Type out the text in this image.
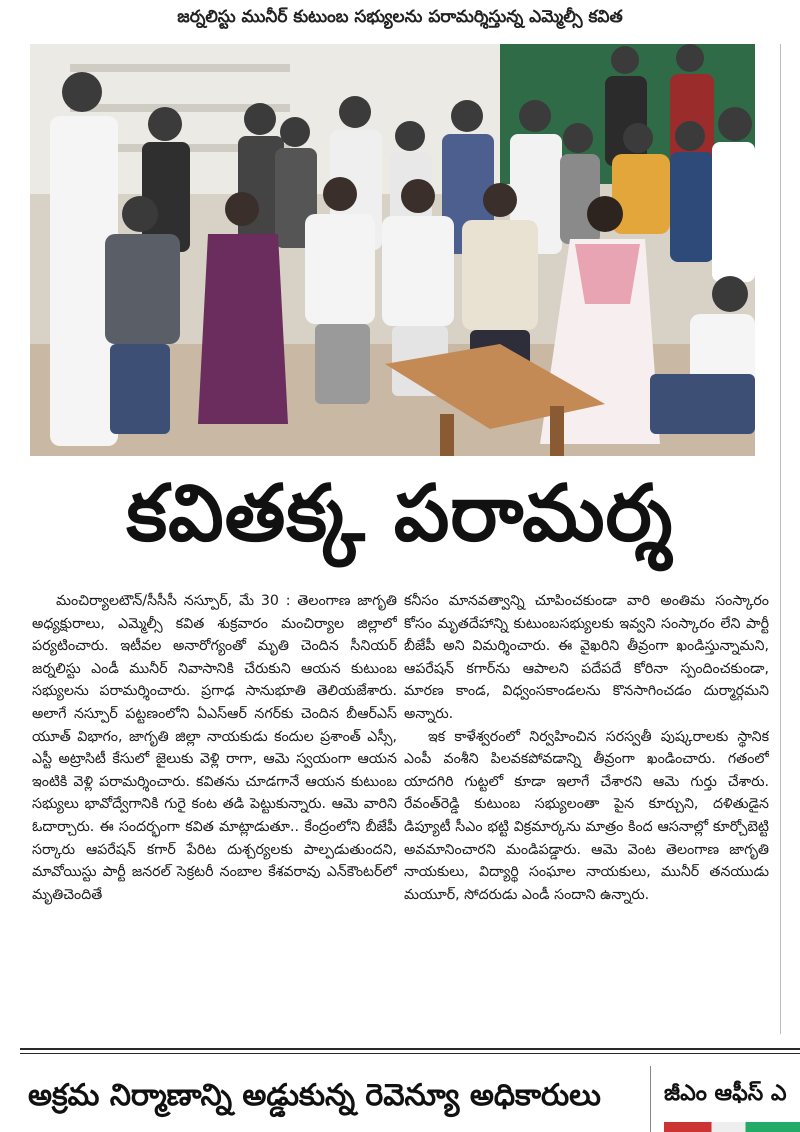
జర్నలిస్టు మునీర్ కుటుంబ సభ్యులను పరామర్శిస్తున్న ఎమ్మెల్సీ కవిత
కవితక్క పరామర్శ

మంచిర్యాలటౌన్/సీసీసీ నస్పూర్, మే 30 : తెలంగాణ జాగృతి అధ్యక్షురాలు, ఎమ్మెల్సీ కవిత శుక్రవారం మంచిర్యాల జిల్లాలో పర్యటించారు. ఇటీవల అనారోగ్యంతో మృతి చెందిన సీనియర్ జర్నలిస్టు ఎండీ మునీర్ నివాసానికి చేరుకుని ఆయన కుటుంబ సభ్యులను పరామర్శించారు. ప్రగాఢ సానుభూతి తెలియజేశారు. అలాగే నస్పూర్ పట్టణంలోని ఏఎస్ఆర్ నగర్‌కు చెందిన బీఆర్ఎస్ యూత్ విభాగం, జాగృతి జిల్లా నాయకుడు కందుల ప్రశాంత్ ఎస్సీ, ఎస్టీ అట్రాసిటీ కేసులో జైలుకు వెళ్లి రాగా, ఆమె స్వయంగా ఆయన ఇంటికి వెళ్లి పరామర్శించారు. కవితను చూడగానే ఆయన కుటుంబ సభ్యులు భావోద్వేగానికి గురై కంట తడి పెట్టుకున్నారు. ఆమె వారిని ఓదార్చారు. ఈ సందర్భంగా కవిత మాట్లాడుతూ.. కేంద్రంలోని బీజేపీ సర్కారు ఆపరేషన్ కగార్ పేరిట దుశ్చర్యలకు పాల్పడుతుందని, మావోయిస్టు పార్టీ జనరల్ సెక్రటరీ నంబాల కేశవరావు ఎన్‌కౌంటర్‌లో మృతిచెందితే

కనీసం మానవత్వాన్ని చూపించకుండా వారి అంతిమ సంస్కారం కోసం మృతదేహాన్ని కుటుంబసభ్యులకు ఇవ్వని సంస్కారం లేని పార్టీ బీజేపీ అని విమర్శించారు. ఈ వైఖరిని తీవ్రంగా ఖండిస్తున్నామని, ఆపరేషన్ కగార్‌ను ఆపాలని పదేపదే కోరినా స్పందించకుండా, మారణ కాండ, విధ్వంసకాండలను కొనసాగించడం దుర్మార్గమని అన్నారు.

ఇక కాళేశ్వరంలో నిర్వహించిన సరస్వతీ పుష్కరాలకు స్థానిక ఎంపీ వంశీని పిలవకపోవడాన్ని తీవ్రంగా ఖండించారు. గతంలో యాదగిరి గుట్టలో కూడా ఇలాగే చేశారని ఆమె గుర్తు చేశారు. రేవంత్‌రెడ్డి కుటుంబ సభ్యులంతా పైన కూర్చుని, దళితుడైన డిప్యూటీ సీఎం భట్టి విక్రమార్కను మాత్రం కింద ఆసనాల్లో కూర్చోబెట్టి అవమానించారని మండిపడ్డారు. ఆమె వెంట తెలంగాణ జాగృతి నాయకులు, విద్యార్థి సంఘాల నాయకులు, మునీర్ తనయుడు మయూర్, సోదరుడు ఎండీ సందాని ఉన్నారు.

అక్రమ నిర్మాణాన్ని అడ్డుకున్న రెవెన్యూ అధికారులు	జీఎం ఆఫీస్ ఎ
